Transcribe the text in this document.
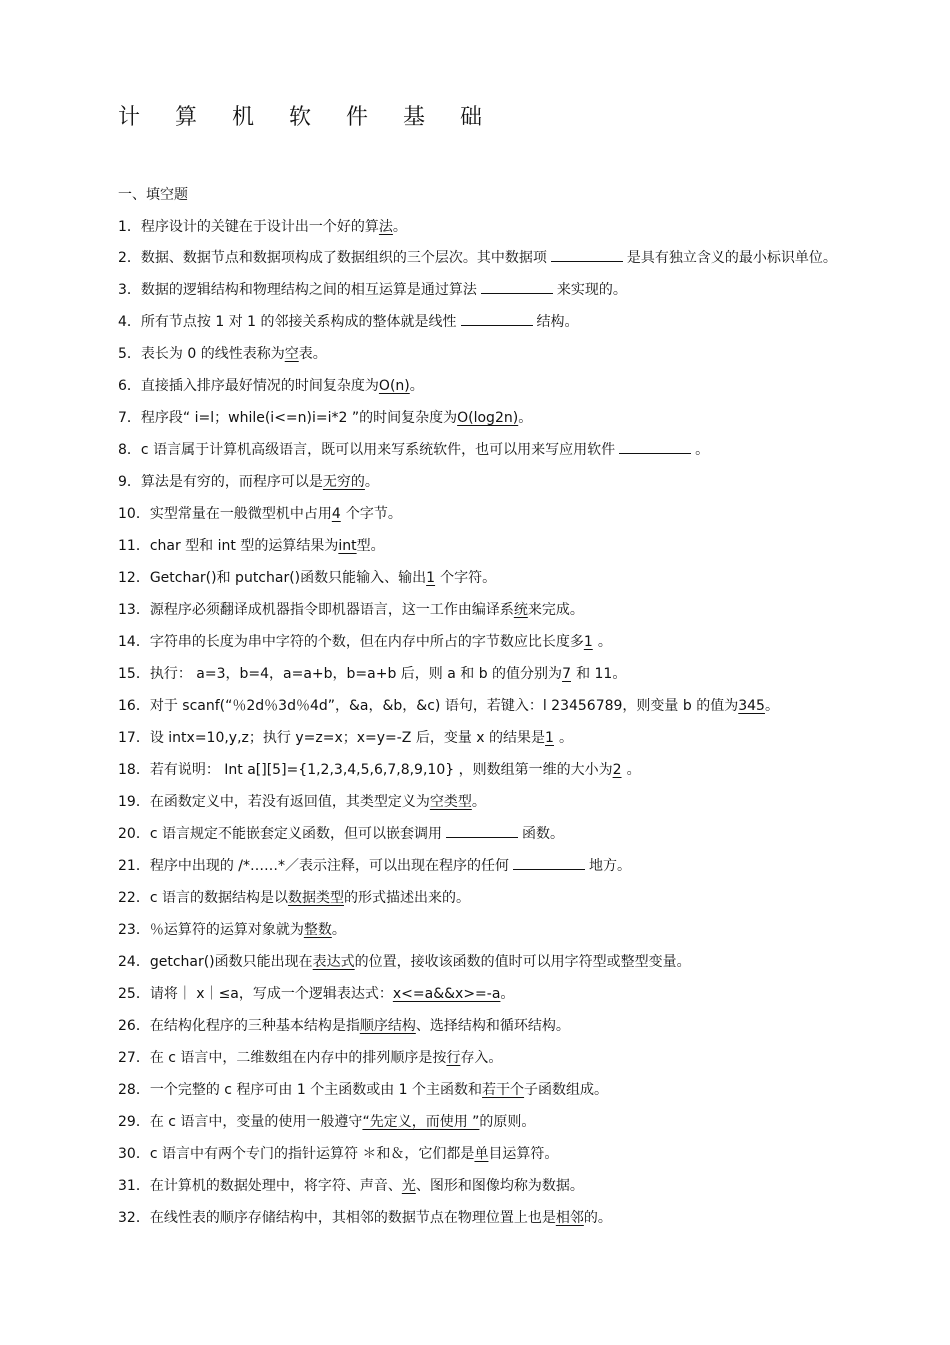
计 算 机 软 件 基 础
一、填空题
1．程序设计的关键在于设计出一个好的算法。
2．数据、数据节点和数据项构成了数据组织的三个层次。其中数据项	是具有独立含义的最小标识单位。
3．数据的逻辑结构和物理结构之间的相互运算是通过算法	来实现的。
4．所有节点按 1 对 1 的邻接关系构成的整体就是线性	结构。
5．表长为 0 的线性表称为空表。
6．直接插入排序最好情况的时间复杂度为O(n)。
7．程序段“ i=l；while(i<=n)i=i*2 ”的时间复杂度为O(log2n)。
8．c 语言属于计算机高级语言，既可以用来写系统软件，也可以用来写应用软件	。
9．算法是有穷的，而程序可以是无穷的。
10．实型常量在一般微型机中占用4 个字节。
11．char 型和 int 型的运算结果为int型。
12．Getchar()和 putchar()函数只能输入、输出1 个字符。
13．源程序必须翻译成机器指令即机器语言，这一工作由编译系统来完成。
14．字符串的长度为串中字符的个数，但在内存中所占的字节数应比长度多1 。
15．执行： a=3，b=4，a=a+b，b=a+b 后，则 a 和 b 的值分别为7 和 11。
16．对于 scanf(“％2d％3d％4d”，&a，&b，&c) 语句，若键入：l 23456789，则变量 b 的值为345。
17．设 intx=10,y,z；执行 y=z=x；x=y=-Z 后，变量 x 的结果是1 。
18．若有说明： Int a[][5]={1,2,3,4,5,6,7,8,9,10} ，则数组第一维的大小为2 。
19．在函数定义中，若没有返回值，其类型定义为空类型。
20．c 语言规定不能嵌套定义函数，但可以嵌套调用	函数。
21．程序中出现的 /*……*／表示注释，可以出现在程序的任何	地方。
22．c 语言的数据结构是以数据类型的形式描述出来的。
23．％运算符的运算对象就为整数。
24．getchar()函数只能出现在表达式的位置，接收该函数的值时可以用字符型或整型变量。
25．请将｜ x｜≤a，写成一个逻辑表达式：x<=a&&x>=-a。
26．在结构化程序的三种基本结构是指顺序结构、选择结构和循环结构。
27．在 c 语言中，二维数组在内存中的排列顺序是按行存入。
28．一个完整的 c 程序可由 1 个主函数或由 1 个主函数和若干个子函数组成。
29．在 c 语言中，变量的使用一般遵守“先定义，而使用 ”的原则。
30．c 语言中有两个专门的指针运算符 ＊和＆，它们都是单目运算符。
31．在计算机的数据处理中，将字符、声音、光、图形和图像均称为数据。
32．在线性表的顺序存储结构中，其相邻的数据节点在物理位置上也是相邻的。
